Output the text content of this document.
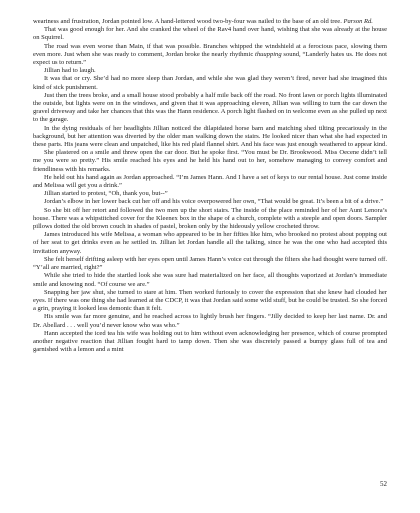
weariness and frustration, Jordan pointed low. A hand-lettered wood two-by-four was nailed to the base of an old tree. Parson Rd.

That was good enough for her. And she cranked the wheel of the Rav4 hand over hand, wishing that she was already at the house on Squirrel.

The road was even worse than Main, if that was possible. Branches whipped the windshield at a ferocious pace, slowing them even more. Just when she was ready to comment, Jordan broke the nearly rhythmic thuupping sound, “Landerly hates us. He does not expect us to return.”

Jillian had to laugh.

It was that or cry. She’d had no more sleep than Jordan, and while she was glad they weren’t fired, never had she imagined this kind of sick punishment.

Just then the trees broke, and a small house stood probably a half mile back off the road. No front lawn or porch lights illuminated the outside, but lights were on in the windows, and given that it was approaching eleven, Jillian was willing to turn the car down the gravel driveway and take her chances that this was the Hann residence. A porch light flashed on in welcome even as she pulled up next to the garage.

In the dying residuals of her headlights Jillian noticed the dilapidated horse barn and matching shed tilting precariously in the background, but her attention was diverted by the older man walking down the stairs. He looked nicer than what she had expected in these parts. His jeans were clean and unpatched, like his red plaid flannel shirt. And his face was just enough weathered to appear kind.

She plastered on a smile and threw open the car door. But he spoke first. “You must be Dr. Brookwood. Miss Oecene didn’t tell me you were so pretty.” His smile reached his eyes and he held his hand out to her, somehow managing to convey comfort and friendliness with his remarks.

He held out his hand again as Jordan approached. “I’m James Hann. And I have a set of keys to our rental house. Just come inside and Melissa will get you a drink.”

Jillian started to protest, “Oh, thank you, but--”

Jordan’s elbow in her lower back cut her off and his voice overpowered her own, “That would be great. It’s been a bit of a drive.”

So she bit off her retort and followed the two men up the short stairs. The inside of the place reminded her of her Aunt Lenora’s house. There was a whipstitched cover for the Kleenex box in the shape of a church, complete with a steeple and open doors. Sampler pillows dotted the old brown couch in shades of pastel, broken only by the hideously yellow crocheted throw.

James introduced his wife Melissa, a woman who appeared to be in her fifties like him, who brooked no protest about popping out of her seat to get drinks even as he settled in. Jillian let Jordan handle all the talking, since he was the one who had accepted this invitation anyway.

She felt herself drifting asleep with her eyes open until James Hann’s voice cut through the filters she had thought were turned off. “Y’all are married, right?”

While she tried to hide the startled look she was sure had materialized on her face, all thoughts vaporized at Jordan’s immediate smile and knowing nod. “Of course we are.”

Snapping her jaw shut, she turned to stare at him. Then worked furiously to cover the expression that she knew had clouded her eyes. If there was one thing she had learned at the CDCP, it was that Jordan said some wild stuff, but he could be trusted. So she forced a grin, praying it looked less demonic than it felt.

His smile was far more genuine, and he reached across to lightly brush her fingers. “Jilly decided to keep her last name. Dr. and Dr. Abellard . . . well you’d never know who was who.”

Hann accepted the iced tea his wife was holding out to him without even acknowledging her presence, which of course prompted another negative reaction that Jillian fought hard to tamp down. Then she was discretely passed a bumpy glass full of tea and garnished with a lemon and a mint

52
